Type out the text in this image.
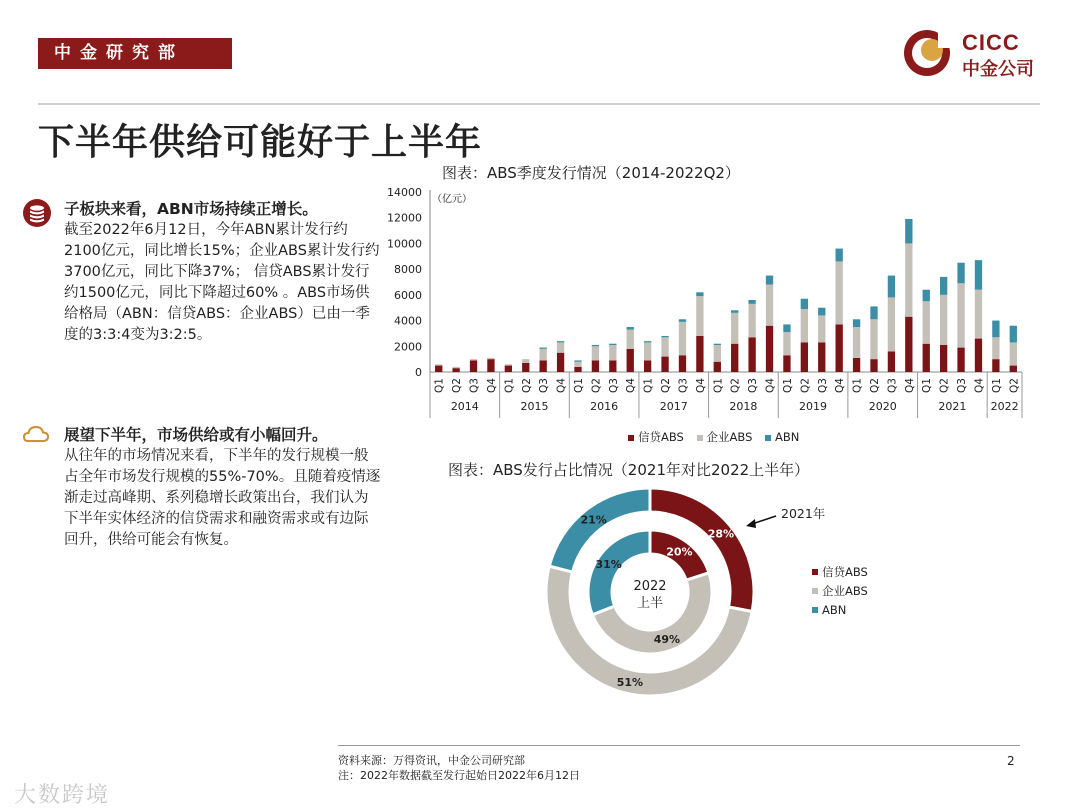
中金研究部	CICC
中金公司
下半年供给可能好于上半年
子板块来看，ABN市场持续正增长。
截至2022年6月12日，今年ABN累计发行约2100亿元，同比增长15%；企业ABS累计发行约3700亿元，同比下降37%； 信贷ABS累计发行约1500亿元，同比下降超过60% 。ABS市场供给格局（ABN：信贷ABS：企业ABS）已由一季度的3:3:4变为3:2:5。
展望下半年，市场供给或有小幅回升。
从往年的市场情况来看，下半年的发行规模一般占全年市场发行规模的55%-70%。且随着疫情逐渐走过高峰期、系列稳增长政策出台，我们认为下半年实体经济的信贷需求和融资需求或有边际回升，供给可能会有恢复。
图表：ABS季度发行情况（2014-2022Q2）
0
2000
4000
6000
8000
10000
12000
14000
（亿元）
Q1 Q2 Q3 Q4 Q1 Q2 Q3 Q4 Q1 Q2 Q3 Q4 Q1 Q2 Q3 Q4 Q1 Q2 Q3 Q4 Q1 Q2 Q3 Q4 Q1 Q2 Q3 Q4 Q1 Q2 Q3 Q4 Q1 Q2
2014	2015	2016	2017	2018	2019	2020	2021 2022
信贷ABS 企业ABS ABN
图表：ABS发行占比情况（2021年对比2022上半年）
28%
51%
21%
20%
49%
31%
2022
上半
2021年
信贷ABS
企业ABS
ABN
资料来源：万得资讯，中金公司研究部
注：2022年数据截至发行起始日2022年6月12日
2
大数跨境
